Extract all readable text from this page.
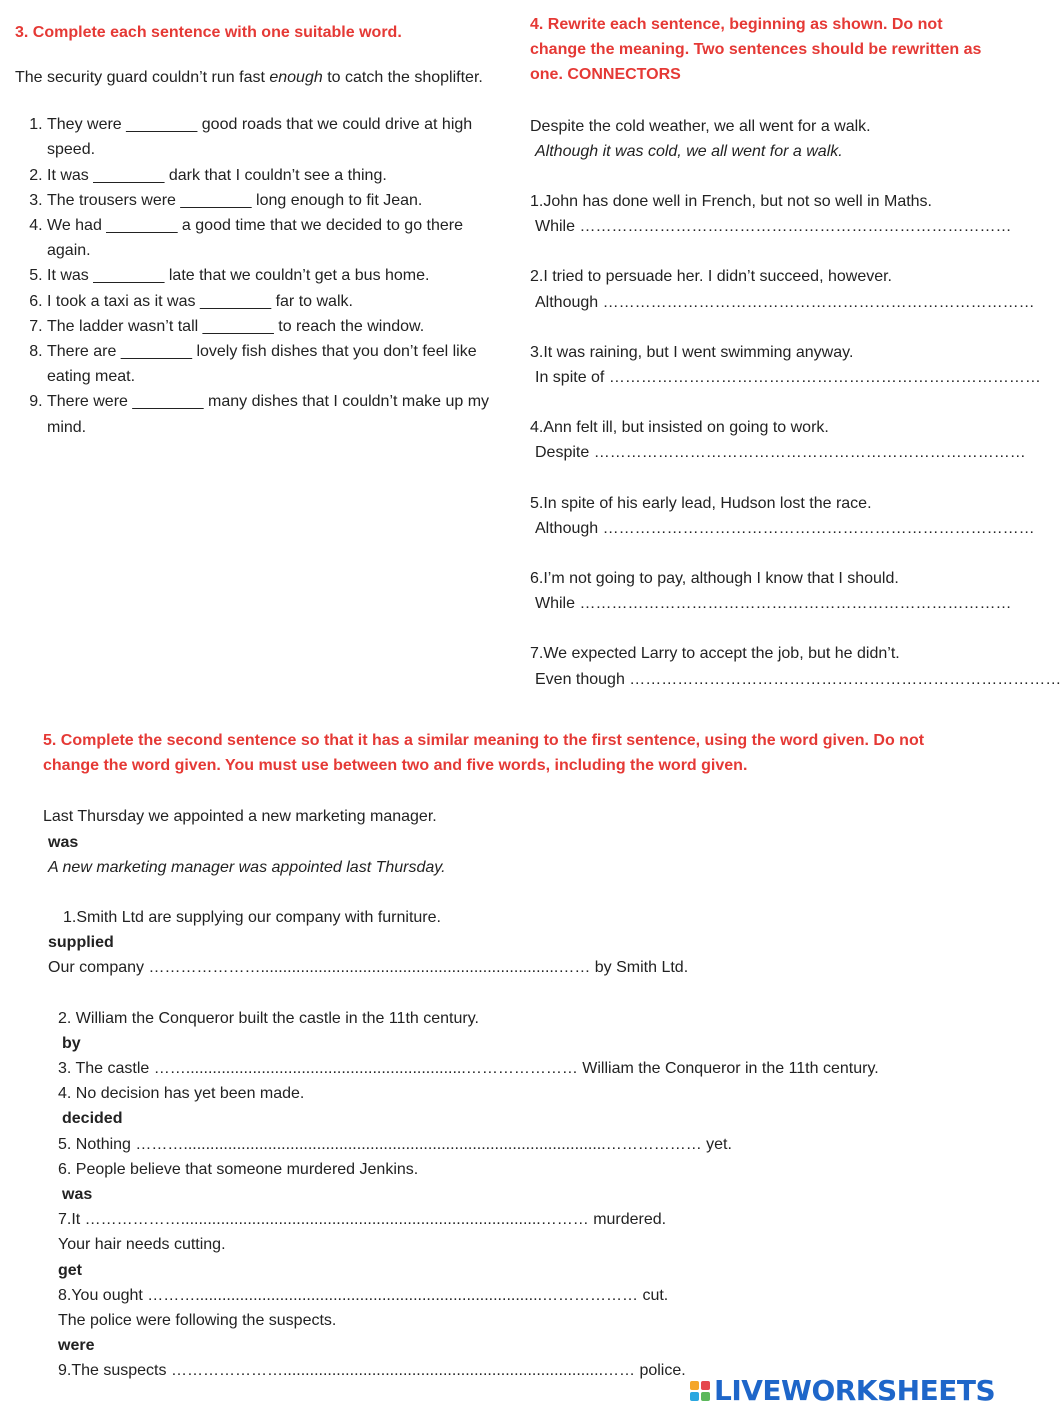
3. Complete each sentence with one suitable word.

The security guard couldn’t run fast enough to catch the shoplifter.
1. They were ________ good roads that we could drive at high speed.
2. It was ________ dark that I couldn’t see a thing.
3. The trousers were ________ long enough to fit Jean.
4. We had ________ a good time that we decided to go there again.
5. It was ________ late that we couldn’t get a bus home.
6. I took a taxi as it was ________ far to walk.
7. The ladder wasn’t tall ________ to reach the window.
8. There are ________ lovely fish dishes that you don’t feel like eating meat.
9. There were ________ many dishes that I couldn’t make up my mind.

4. Rewrite each sentence, beginning as shown. Do not change the meaning. Two sentences should be rewritten as one. CONNECTORS

Despite the cold weather, we all went for a walk.
Although it was cold, we all went for a walk.
1.John has done well in French, but not so well in Maths.
While ………………………………………………………………………
2.I tried to persuade her. I didn’t succeed, however.
Although ………………………………………………………………………
3.It was raining, but I went swimming anyway.
In spite of ………………………………………………………………………
4.Ann felt ill, but insisted on going to work.
Despite ………………………………………………………………………
5.In spite of his early lead, Hudson lost the race.
Although ………………………………………………………………………
6.I’m not going to pay, although I know that I should.
While ………………………………………………………………………
7.We expected Larry to accept the job, but he didn’t.
Even though ………………………………………………………………………

5. Complete the second sentence so that it has a similar meaning to the first sentence, using the word given. Do not change the word given. You must use between two and five words, including the word given.

Last Thursday we appointed a new marketing manager.
was
A new marketing manager was appointed last Thursday.
1.Smith Ltd are supplying our company with furniture.
supplied
Our company …………………...................................................................…… by Smith Ltd.
2. William the Conqueror built the castle in the 11th century.
by
3. The castle ……...............................................................………………… William the Conqueror in the 11th century.
4. No decision has yet been made.
decided
5. Nothing ………...............................................................................................……………… yet.
6. People believe that someone murdered Jenkins.
was
7.It ……………….................................................................................……… murdered.
Your hair needs cutting.
get
8.You ought ………..............................................................................……………… cut.
The police were following the suspects.
were
9.The suspects …………………........................................................................…… police.
LIVEWORKSHEETS
